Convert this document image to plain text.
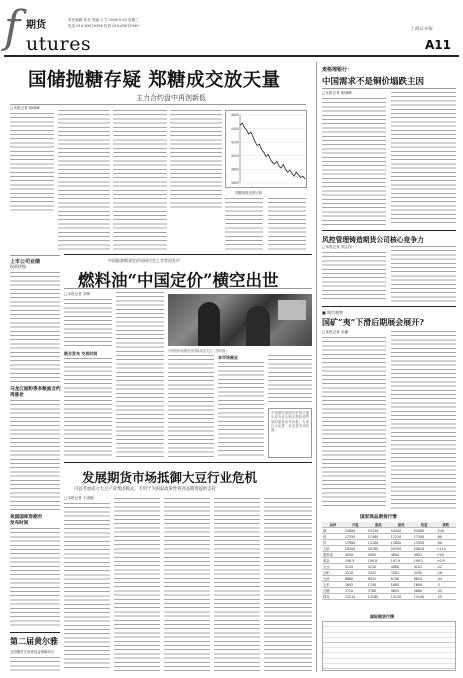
f 期货
utures
责任编辑 张戈 美编 王力 2008.9.25 星期三
电话 010-63070356 传真 010-63070340
上海证券报
A11
国储抛糖存疑 郑糖成交放天量
主力合约盘中再创新低
□本报记者 杨晓峰
4600
4400
4200
4000
3800
3600
郑糖指数近期走势
上市公司业绩
投资评级
马龙江面粉等多粮面合约
再涨价
美国国库券期市
发布时间
第二届黄尔雅
全国期货交易者权益保障项目
中国能源期货定价权研讨会上学者再发声
燃料油“中国定价”横空出世
□本报记者 刘锋
联合发布 交易时间	中国燃料油期货获国际同业关注（资料图）
本市场商业
中国燃料油期货价格已逐步成为亚太地区燃料油贸易的重要参考价格，专家认为应进一步完善市场机制。
发展期货市场抵御大豆行业危机
可以考虑成立大豆产业集团模式，专用于为国家政策性将食品期货提供支持
□本报记者 王淑敏
麦格理银行：
中国需求不是铜价塌跌主因
□本报记者 杨晓峰
风控管理铸造期货公司核心竞争力
□本报记者 刘志伟
■ 期市观察
国矿“夷”下滑后期展会展开?
□本报记者 刘谦
国家商品期货行情
品种	开盘	最高	最低	收盘	涨跌
铜	54800	55130	54200	54560	-240
铝	17350	17460	17210	17300	-60
锌	13980	14100	13800	13920	-90
天胶	20500	20780	20350	20610	+110
燃料油	4930	4985	4890	4952	+28
黄金	198.5	199.8	197.9	199.2	+0.9
大豆	4120	4150	4088	4101	-22
豆粕	3310	3342	3281	3295	-18
豆油	8860	8932	8790	8820	-44
玉米	1692	1700	1685	1690	-3
白糖	3720	3760	3655	3680	-52
棉花	13210	13260	13150	13190	-25
国际期货行情
